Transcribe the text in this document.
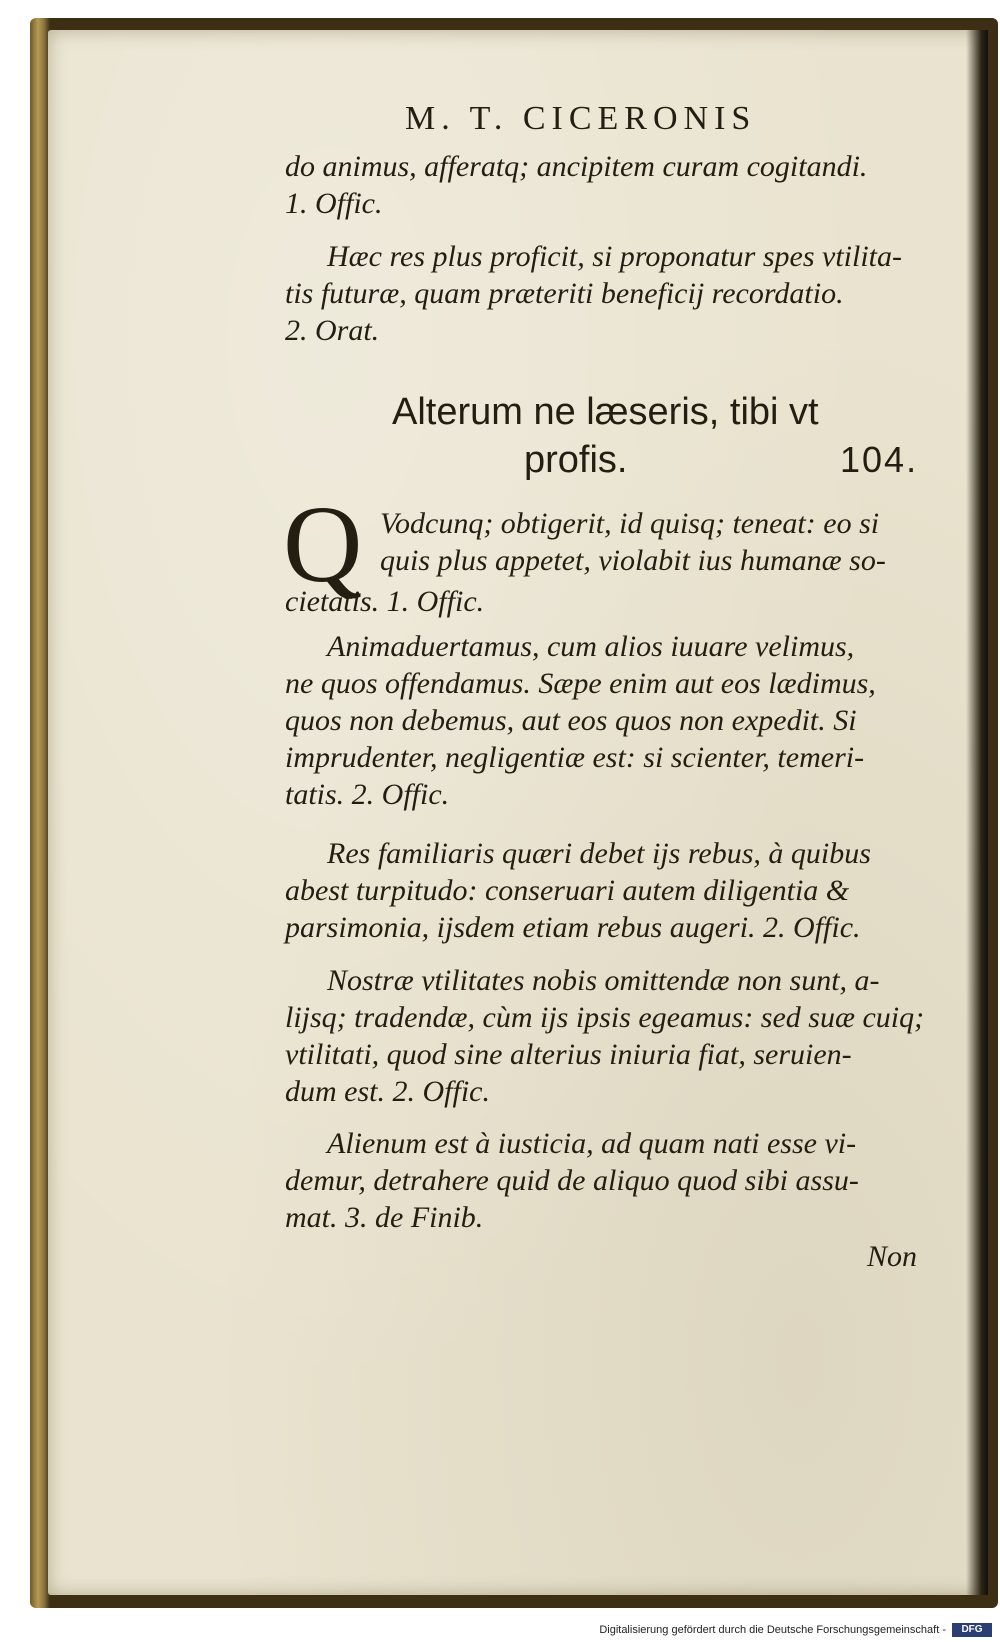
M. T. CICERONIS

do animus, afferatq; ancipitem curam cogitandi.
1. Offic.

Hæc res plus proficit, si proponatur spes vtilita-
tis futuræ, quam præteriti beneficij recordatio.
2. Orat.

Alterum ne læseris, tibi vt
profis.	104.
Q Vodcunq; obtigerit, id quisq; teneat: eo si
quis plus appetet, violabit ius humanæ so-

cietatis. 1. Offic.

Animaduertamus, cum alios iuuare velimus,
ne quos offendamus. Sæpe enim aut eos lædimus,
quos non debemus, aut eos quos non expedit. Si
imprudenter, negligentiæ est: si scienter, temeri-
tatis. 2. Offic.

Res familiaris quæri debet ijs rebus, à quibus
abest turpitudo: conseruari autem diligentia &
parsimonia, ijsdem etiam rebus augeri. 2. Offic.

Nostræ vtilitates nobis omittendæ non sunt, a-
lijsq; tradendæ, cùm ijs ipsis egeamus: sed suæ cuiq;
vtilitati, quod sine alterius iniuria fiat, seruien-
dum est. 2. Offic.

Alienum est à iusticia, ad quam nati esse vi-
demur, detrahere quid de aliquo quod sibi assu-
mat. 3. de Finib.

Non
Digitalisierung gefördert durch die Deutsche Forschungsgemeinschaft -	DFG
